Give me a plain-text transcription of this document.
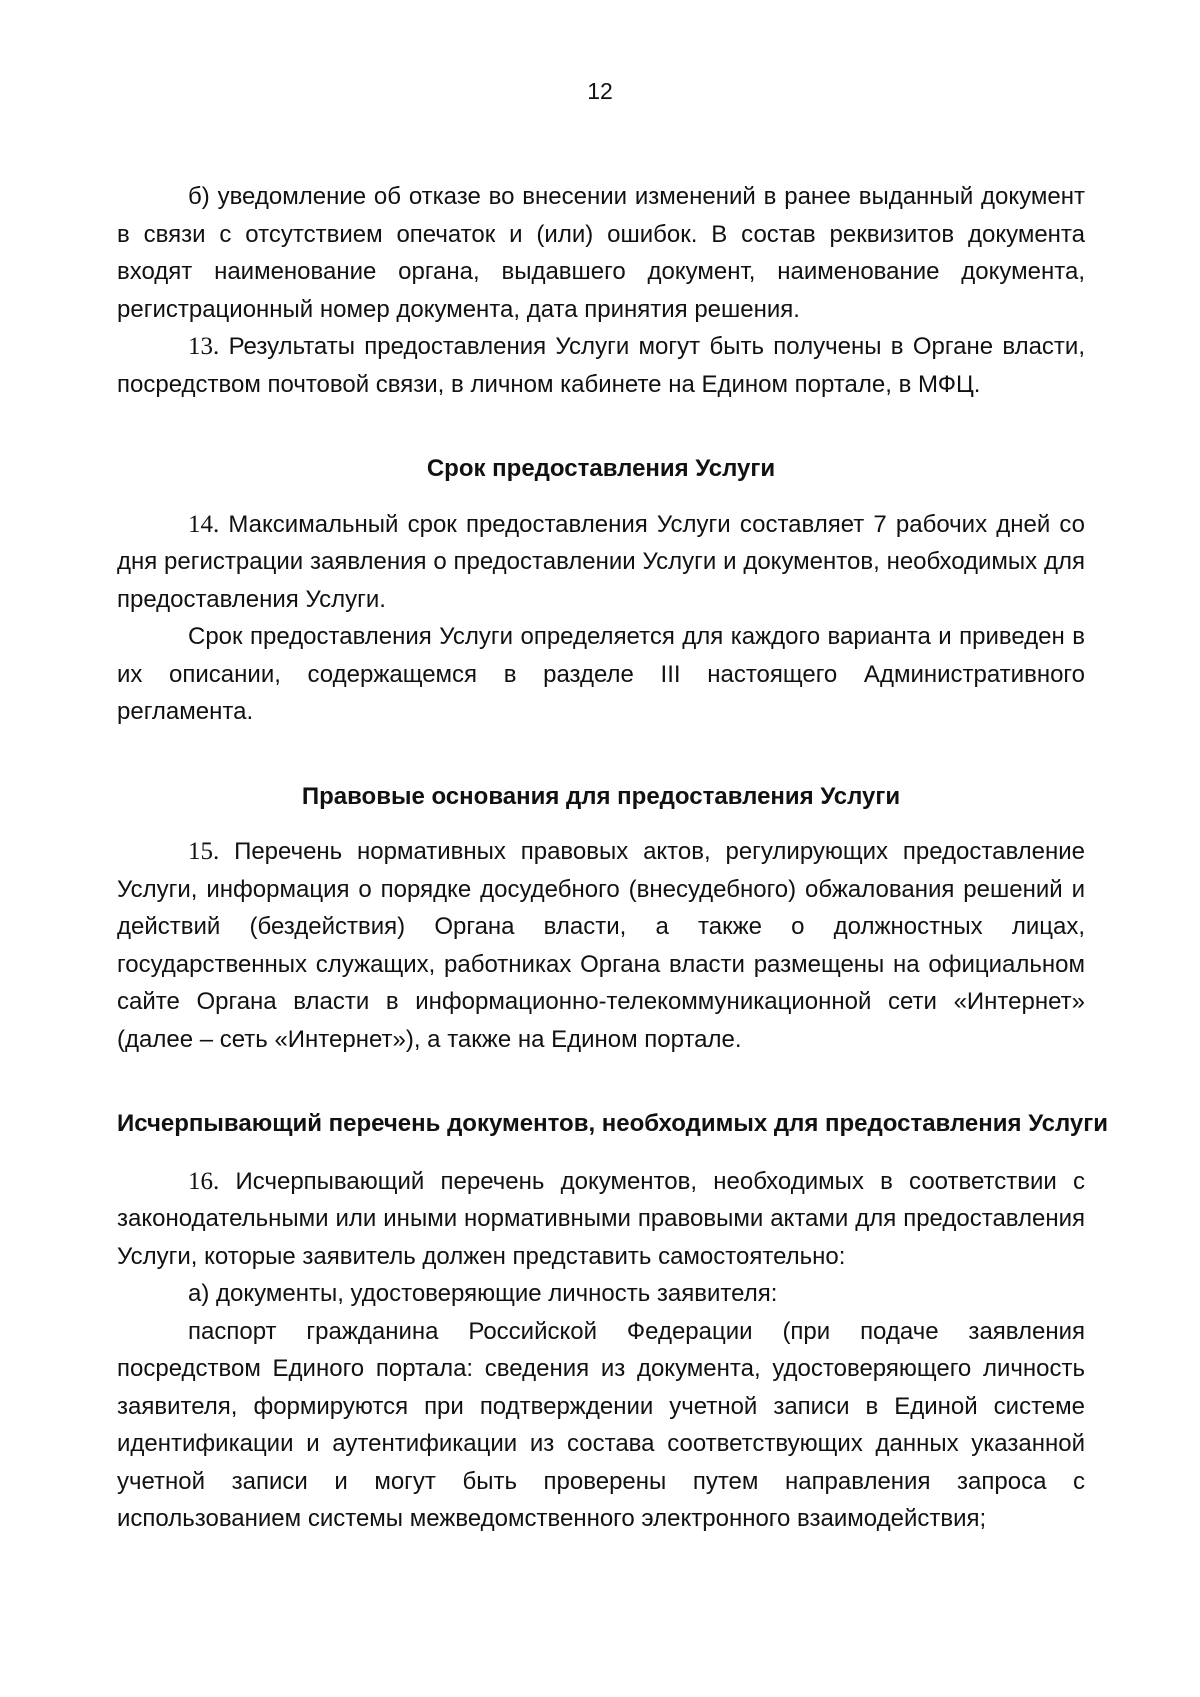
12

б) уведомление об отказе во внесении изменений в ранее выданный документ в связи с отсутствием опечаток и (или) ошибок. В состав реквизитов документа входят наименование органа, выдавшего документ, наименование документа, регистрационный номер документа, дата принятия решения.

13. Результаты предоставления Услуги могут быть получены в Органе власти, посредством почтовой связи, в личном кабинете на Едином портале, в МФЦ.

Срок предоставления Услуги

14. Максимальный срок предоставления Услуги составляет 7 рабочих дней со дня регистрации заявления о предоставлении Услуги и документов, необходимых для предоставления Услуги.

Срок предоставления Услуги определяется для каждого варианта и приведен в их описании, содержащемся в разделе III настоящего Административного регламента.

Правовые основания для предоставления Услуги

15. Перечень нормативных правовых актов, регулирующих предоставление Услуги, информация о порядке досудебного (внесудебного) обжалования решений и действий (бездействия) Органа власти, а также о должностных лицах, государственных служащих, работниках Органа власти размещены на официальном сайте Органа власти в информационно-телекоммуникационной сети «Интернет» (далее – сеть «Интернет»), а также на Едином портале.

Исчерпывающий перечень документов, необходимых для предоставления Услуги

16. Исчерпывающий перечень документов, необходимых в соответствии с законодательными или иными нормативными правовыми актами для предоставления Услуги, которые заявитель должен представить самостоятельно:

а) документы, удостоверяющие личность заявителя:

паспорт гражданина Российской Федерации (при подаче заявления посредством Единого портала: сведения из документа, удостоверяющего личность заявителя, формируются при подтверждении учетной записи в Единой системе идентификации и аутентификации из состава соответствующих данных указанной учетной записи и могут быть проверены путем направления запроса с использованием системы межведомственного электронного взаимодействия;
